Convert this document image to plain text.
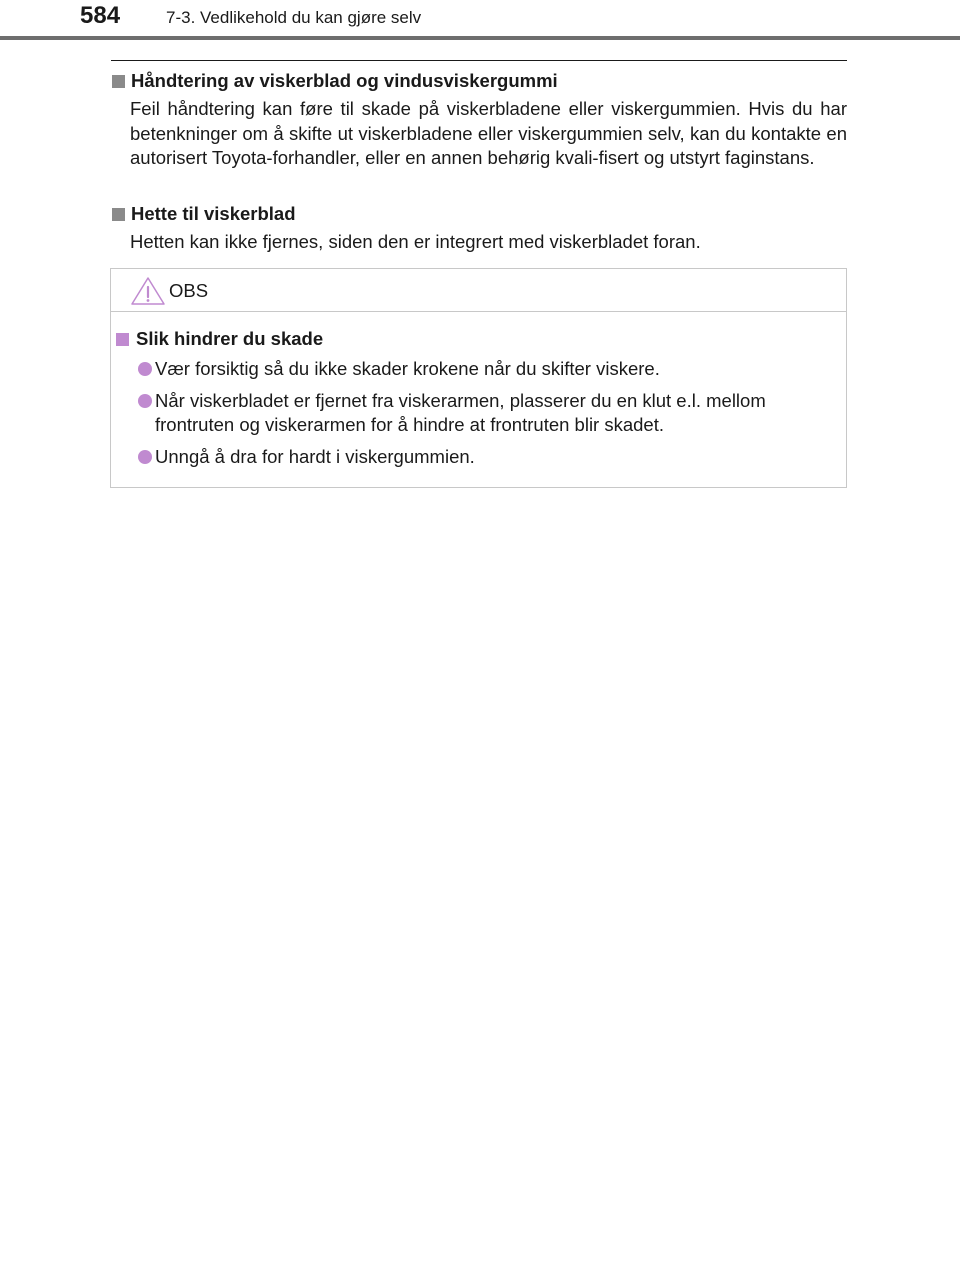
584	7-3. Vedlikehold du kan gjøre selv
Håndtering av viskerblad og vindusviskergummi
Feil håndtering kan føre til skade på viskerbladene eller viskergummien. Hvis du har betenkninger om å skifte ut viskerbladene eller viskergummien selv, kan du kontakte en autorisert Toyota-forhandler, eller en annen behørig kvali-fisert og utstyrt faginstans.
Hette til viskerblad
Hetten kan ikke fjernes, siden den er integrert med viskerbladet foran.
OBS
Slik hindrer du skade
Vær forsiktig så du ikke skader krokene når du skifter viskere.
Når viskerbladet er fjernet fra viskerarmen, plasserer du en klut e.l. mellom frontruten og viskerarmen for å hindre at frontruten blir skadet.
Unngå å dra for hardt i viskergummien.
